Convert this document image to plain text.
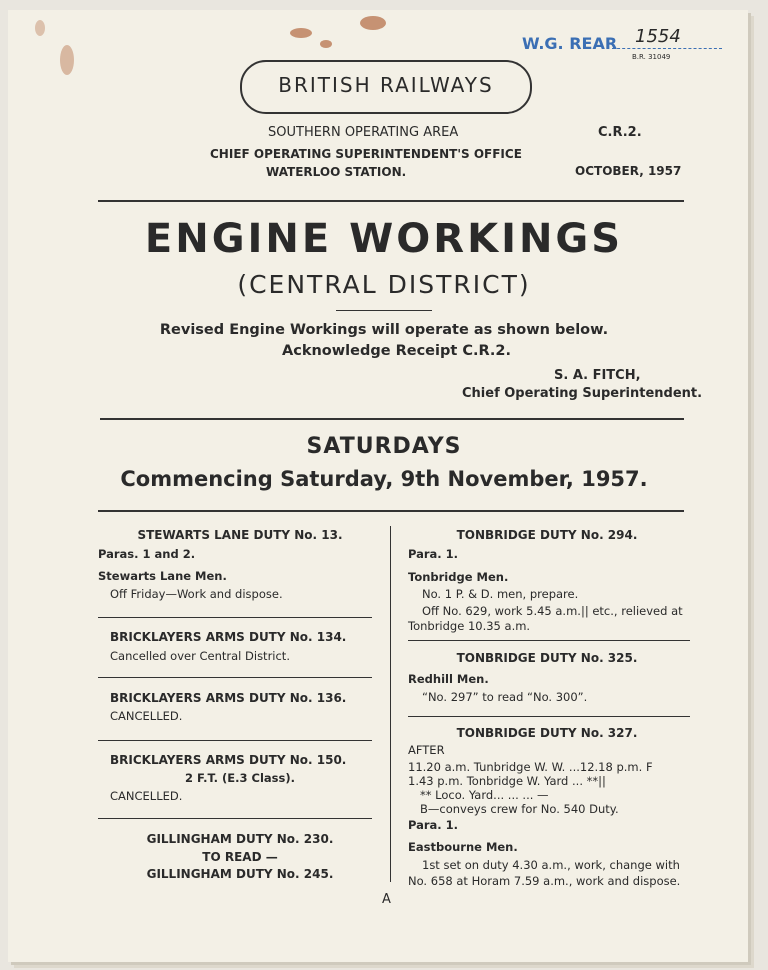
W.G. REAR 1554
B.R. 31049
BRITISH RAILWAYS
SOUTHERN OPERATING AREA	C.R.2.
CHIEF OPERATING SUPERINTENDENT'S OFFICE
WATERLOO STATION.	OCTOBER, 1957
ENGINE WORKINGS
(CENTRAL DISTRICT)
Revised Engine Workings will operate as shown below.
Acknowledge Receipt C.R.2.
S. A. FITCH,
Chief Operating Superintendent.
SATURDAYS
Commencing Saturday, 9th November, 1957.
STEWARTS LANE DUTY No. 13.
Paras. 1 and 2.
Stewarts Lane Men.
Off Friday—Work and dispose.
BRICKLAYERS ARMS DUTY No. 134.
Cancelled over Central District.
BRICKLAYERS ARMS DUTY No. 136.
CANCELLED.
BRICKLAYERS ARMS DUTY No. 150.
2 F.T. (E.3 Class).
CANCELLED.
GILLINGHAM DUTY No. 230.
TO READ —
GILLINGHAM DUTY No. 245.
TONBRIDGE DUTY No. 294.
Para. 1.
Tonbridge Men.
No. 1 P. & D. men, prepare.
Off No. 629, work 5.45 a.m.|| etc., relieved at
Tonbridge 10.35 a.m.
TONBRIDGE DUTY No. 325.
Redhill Men.
“No. 297” to read “No. 300”.
TONBRIDGE DUTY No. 327.
AFTER
11.20 a.m. Tunbridge W. W. ...12.18 p.m. F
1.43 p.m. Tonbridge W. Yard ... **||
** Loco. Yard... ... ... —
B—conveys crew for No. 540 Duty.
Para. 1.
Eastbourne Men.
1st set on duty 4.30 a.m., work, change with
No. 658 at Horam 7.59 a.m., work and dispose.
A
